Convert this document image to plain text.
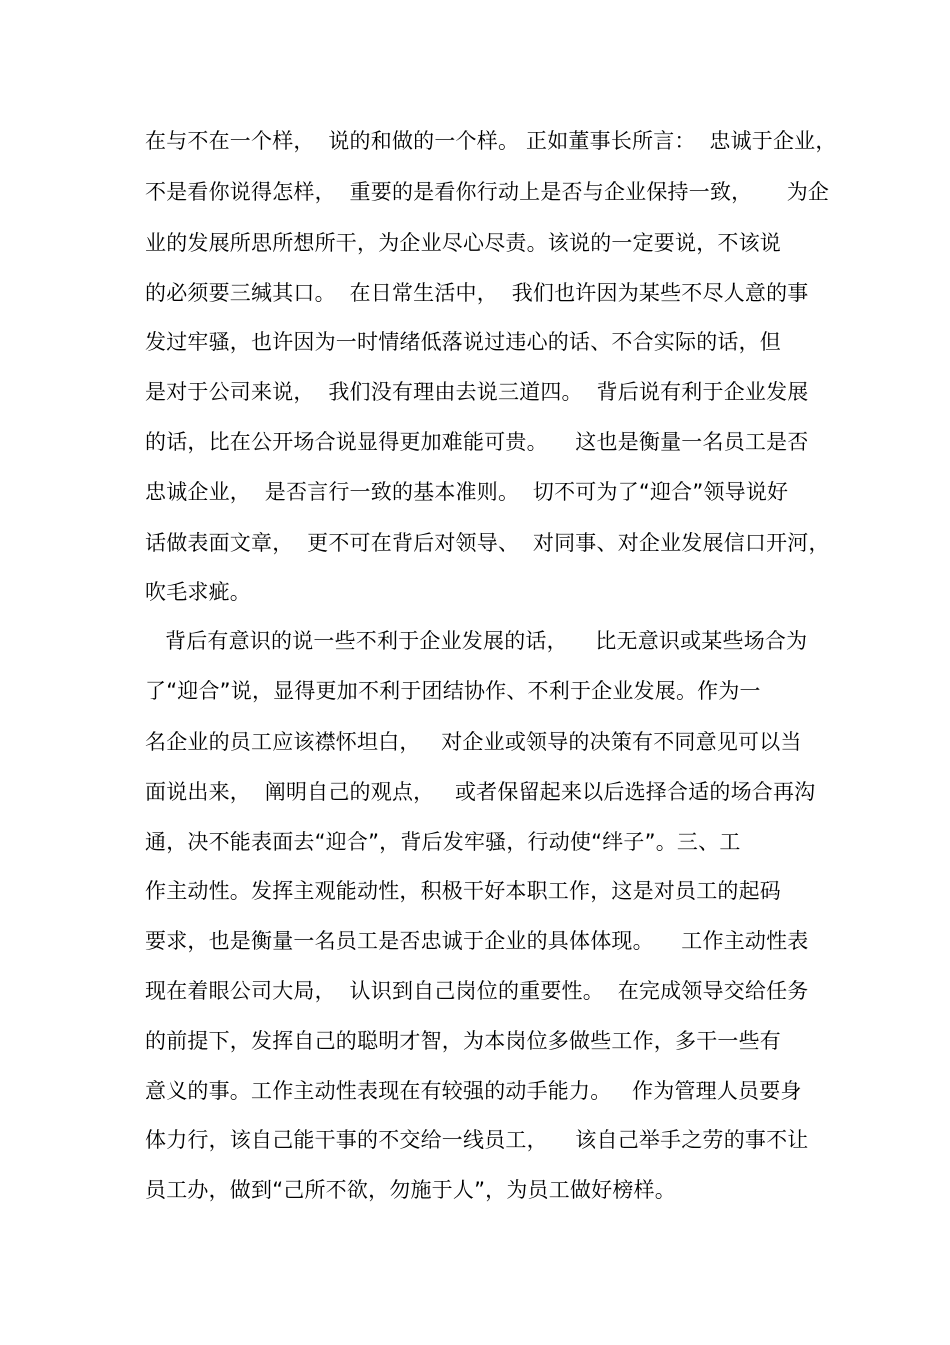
在与不在一个样，  说的和做的一个样。 正如董事长所言：  忠诚于企业，
不是看你说得怎样，  重要的是看你行动上是否与企业保持一致，     为企
业的发展所思所想所干，为企业尽心尽责。该说的一定要说，不该说
的必须要三缄其口。  在日常生活中，  我们也许因为某些不尽人意的事
发过牢骚，也许因为一时情绪低落说过违心的话、不合实际的话，但
是对于公司来说，  我们没有理由去说三道四。  背后说有利于企业发展
的话，比在公开场合说显得更加难能可贵。    这也是衡量一名员工是否
忠诚企业，  是否言行一致的基本准则。  切不可为了“迎合”领导说好
话做表面文章，  更不可在背后对领导、  对同事、对企业发展信口开河，
吹毛求疵。
背后有意识的说一些不利于企业发展的话，    比无意识或某些场合为
了“迎合”说，显得更加不利于团结协作、不利于企业发展。作为一
名企业的员工应该襟怀坦白，   对企业或领导的决策有不同意见可以当
面说出来，  阐明自己的观点，   或者保留起来以后选择合适的场合再沟
通，决不能表面去“迎合”，背后发牢骚，行动使“绊子”。三、工
作主动性。发挥主观能动性，积极干好本职工作，这是对员工的起码
要求，也是衡量一名员工是否忠诚于企业的具体体现。    工作主动性表
现在着眼公司大局，  认识到自己岗位的重要性。  在完成领导交给任务
的前提下，发挥自己的聪明才智，为本岗位多做些工作，多干一些有
意义的事。工作主动性表现在有较强的动手能力。   作为管理人员要身
体力行，该自己能干事的不交给一线员工，    该自己举手之劳的事不让
员工办，做到“己所不欲，勿施于人”，为员工做好榜样。
